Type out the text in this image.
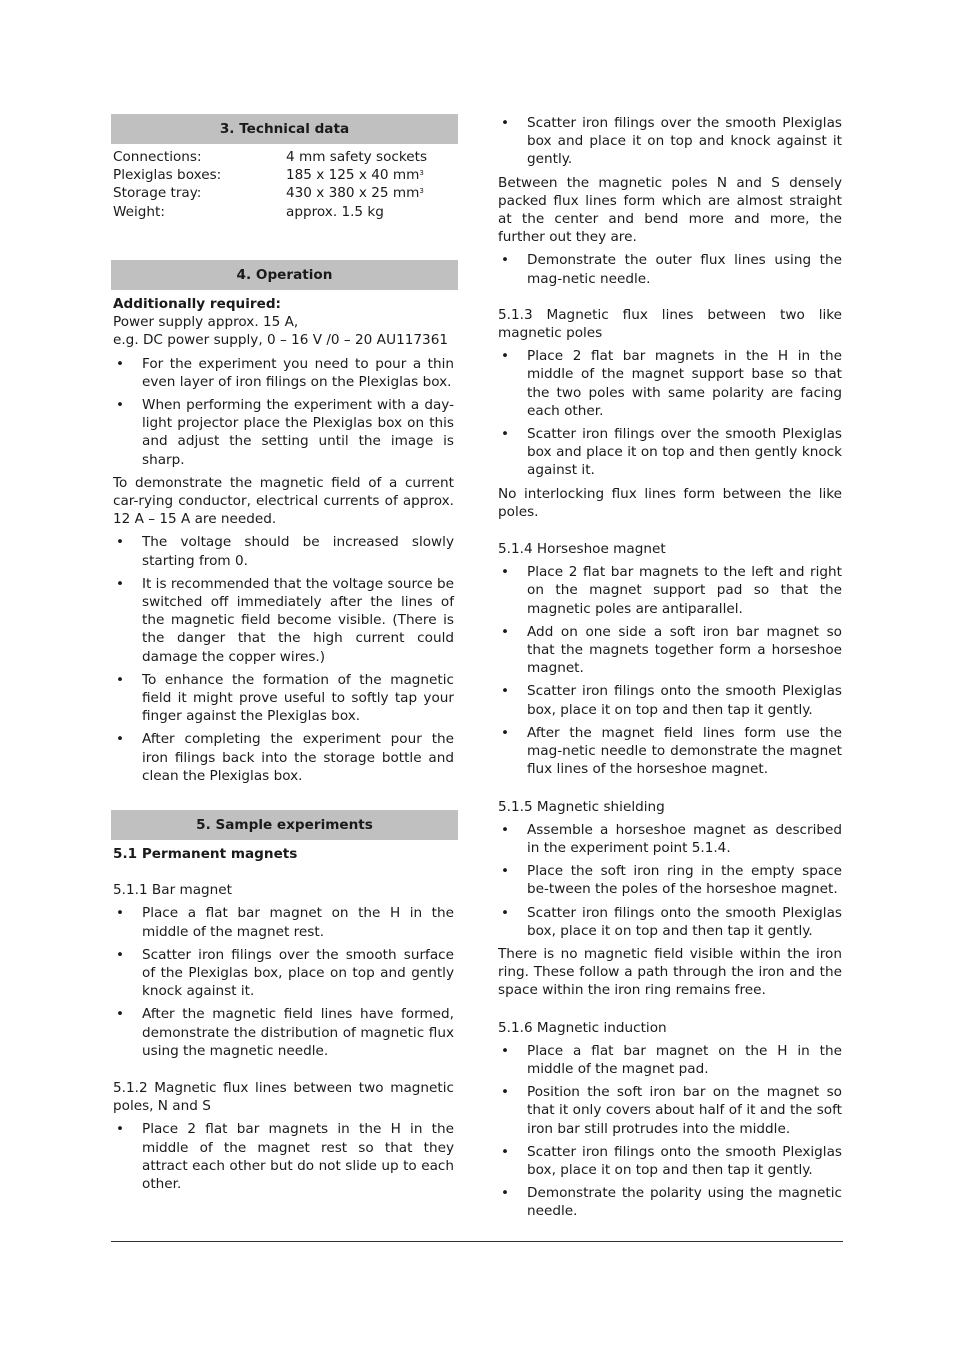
3. Technical data
Connections:	4 mm safety sockets
Plexiglas boxes:	185 x 125 x 40 $mm^3$
Storage tray:	430 x 380 x 25 $mm^3$
Weight:	approx. 1.5 kg
4. Operation
Additionally required:
Power supply approx. 15 A,
e.g. DC power supply, 0 – 16 V /0 – 20 A U117361
• For the experiment you need to pour a thin even layer of iron filings on the Plexiglas box.
• When performing the experiment with a day-light projector place the Plexiglas box on this and adjust the setting until the image is sharp.

To demonstrate the magnetic field of a current car-rying conductor, electrical currents of approx. 12 A – 15 A are needed.

• The voltage should be increased slowly starting from 0.
• It is recommended that the voltage source be switched off immediately after the lines of the magnetic field become visible. (There is the danger that the high current could damage the copper wires.)
• To enhance the formation of the magnetic field it might prove useful to softly tap your finger against the Plexiglas box.
• After completing the experiment pour the iron filings back into the storage bottle and clean the Plexiglas box.
5. Sample experiments
5.1 Permanent magnets
5.1.1 Bar magnet
• Place a flat bar magnet on the H in the middle of the magnet rest.
• Scatter iron filings over the smooth surface of the Plexiglas box, place on top and gently knock against it.
• After the magnetic field lines have formed, demonstrate the distribution of magnetic flux using the magnetic needle.

5.1.2 Magnetic flux lines between two magnetic poles, N and S

• Place 2 flat bar magnets in the H in the middle of the magnet rest so that they attract each other but do not slide up to each other.
• Scatter iron filings over the smooth Plexiglas box and place it on top and knock against it gently.

Between the magnetic poles N and S densely packed flux lines form which are almost straight at the center and bend more and more, the further out they are.

• Demonstrate the outer flux lines using the mag-netic needle.

5.1.3 Magnetic flux lines between two like magnetic poles

• Place 2 flat bar magnets in the H in the middle of the magnet support base so that the two poles with same polarity are facing each other.
• Scatter iron filings over the smooth Plexiglas box and place it on top and then gently knock against it.

No interlocking flux lines form between the like poles.

5.1.4 Horseshoe magnet
• Place 2 flat bar magnets to the left and right on the magnet support pad so that the magnetic poles are antiparallel.
• Add on one side a soft iron bar magnet so that the magnets together form a horseshoe magnet.
• Scatter iron filings onto the smooth Plexiglas box, place it on top and then tap it gently.
• After the magnet field lines form use the mag-netic needle to demonstrate the magnet flux lines of the horseshoe magnet.
5.1.5 Magnetic shielding
• Assemble a horseshoe magnet as described in the experiment point 5.1.4.
• Place the soft iron ring in the empty space be-tween the poles of the horseshoe magnet.
• Scatter iron filings onto the smooth Plexiglas box, place it on top and then tap it gently.

There is no magnetic field visible within the iron ring. These follow a path through the iron and the space within the iron ring remains free.

5.1.6 Magnetic induction
• Place a flat bar magnet on the H in the middle of the magnet pad.
• Position the soft iron bar on the magnet so that it only covers about half of it and the soft iron bar still protrudes into the middle.
• Scatter iron filings onto the smooth Plexiglas box, place it on top and then tap it gently.
• Demonstrate the polarity using the magnetic needle.
